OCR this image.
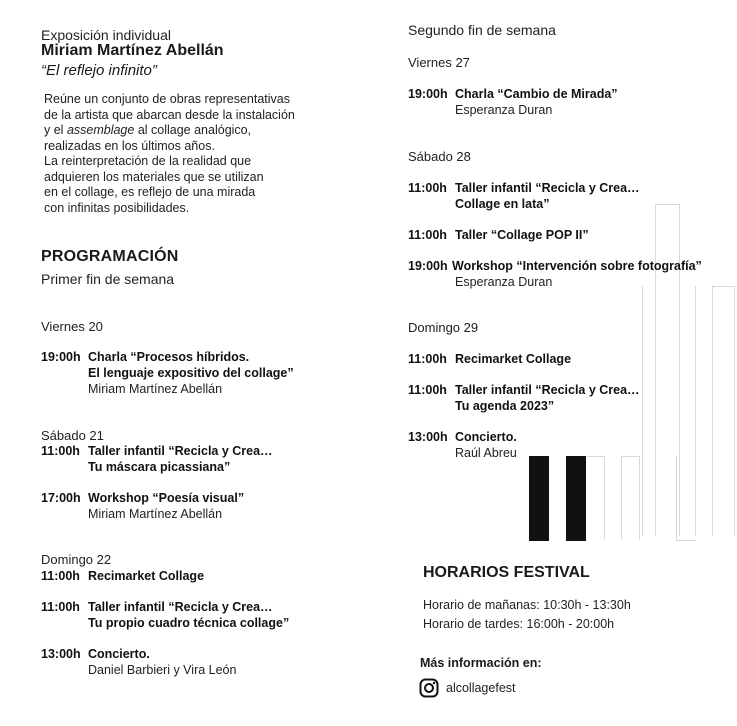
Exposición individual
Miriam Martínez Abellán
“El reflejo infinito”
Reúne un conjunto de obras representativas
de la artista que abarcan desde la instalación
y el assemblage al collage analógico,
realizadas en los últimos años.
La reinterpretación de la realidad que
adquieren los materiales que se utilizan
en el collage, es reflejo de una mirada
con infinitas posibilidades.
PROGRAMACIÓN
Primer fin de semana
Viernes 20
19:00h Charla “Procesos híbridos.
El lenguaje expositivo del collage”
Miriam Martínez Abellán
Sábado 21
11:00h Taller infantil “Recicla y Crea…
Tu máscara picassiana”
17:00h Workshop “Poesía visual”
Miriam Martínez Abellán
Domingo 22
11:00h Recimarket Collage
11:00h Taller infantil “Recicla y Crea…
Tu propio cuadro técnica collage”
13:00h Concierto.
Daniel Barbieri y Vira León
Segundo fin de semana
Viernes 27
19:00h Charla “Cambio de Mirada”
Esperanza Duran
Sábado 28
11:00h Taller infantil “Recicla y Crea…
Collage en lata”
11:00h Taller “Collage POP II”
19:00h Workshop “Intervención sobre fotografía”
Esperanza Duran
Domingo 29
11:00h Recimarket Collage
11:00h Taller infantil “Recicla y Crea…
Tu agenda 2023”
13:00h Concierto.
Raúl Abreu
HORARIOS FESTIVAL
Horario de mañanas: 10:30h - 13:30h
Horario de tardes: 16:00h - 20:00h
Más información en:
alcollagefest
